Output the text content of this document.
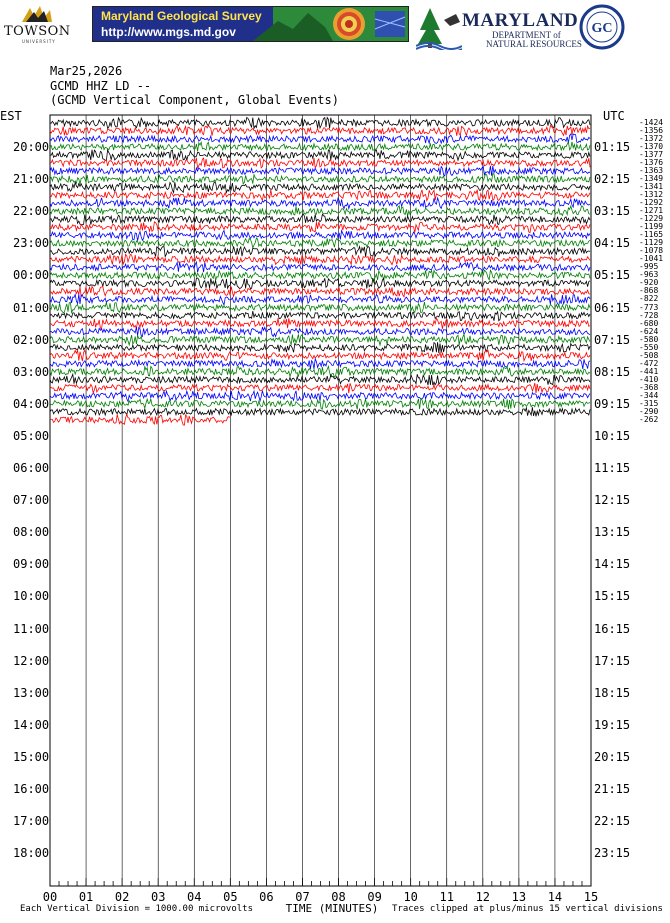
TOWSON
UNIVERSITY
Maryland Geological Survey
http://www.mgs.md.gov
MARYLAND
DEPARTMENT of
NATURAL RESOURCES
GC
Mar25,2026
GCMD HHZ LD --
(GCMD Vertical Component, Global Events)
EST	UTC
20:00
21:00
22:00
23:00
00:00
01:00
02:00
03:00
04:00
05:00
06:00
07:00
08:00
09:00
10:00
11:00
12:00
13:00
14:00
15:00
16:00
17:00
18:00
01:15
02:15
03:15
04:15
05:15
06:15
07:15
08:15
09:15
10:15
11:15
12:15
13:15
14:15
15:15
16:15
17:15
18:15
19:15
20:15
21:15
22:15
23:15
-1424
-1356
-1372
-1370
-1377
-1376
-1363
-1349
-1341
-1312
-1292
-1271
-1229
-1199
-1165
-1129
-1078
-1041
-995
-963
-920
-868
-822
-773
-728
-680
-624
-580
-550
-508
-472
-441
-410
-368
-344
-315
-290
-262
00 01 02 03 04 05 06 07 08 09 10 11 12 13 14 15
TIME (MINUTES)
Each Vertical Division = 1000.00 microvolts	Traces clipped at plus/minus 15 vertical divisions
